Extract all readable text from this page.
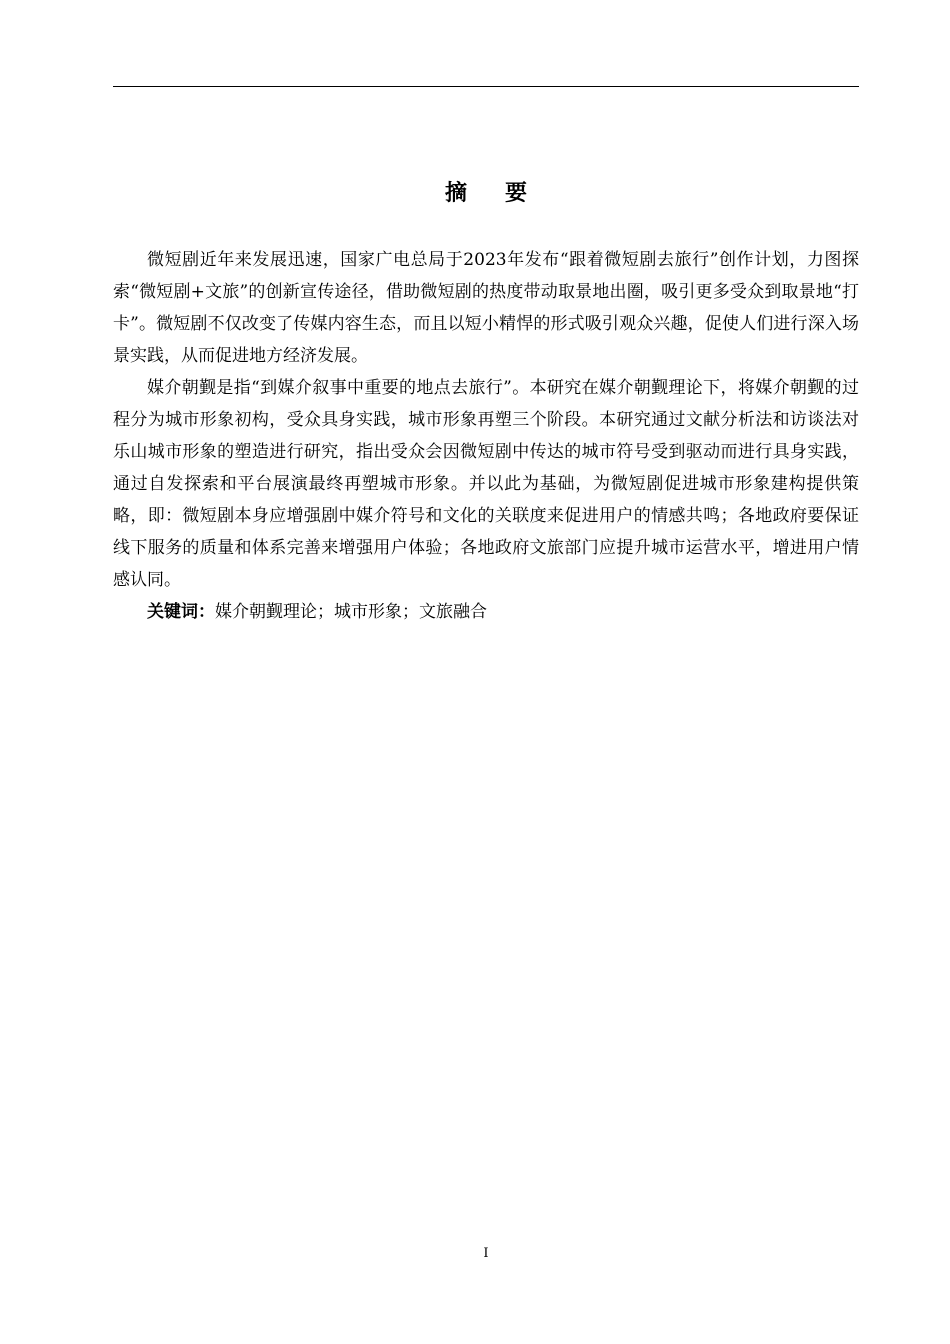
摘要

微短剧近年来发展迅速，国家广电总局于2023年发布“跟着微短剧去旅行”创作计划，力图探索“微短剧+文旅”的创新宣传途径，借助微短剧的热度带动取景地出圈，吸引更多受众到取景地“打卡”。微短剧不仅改变了传媒内容生态，而且以短小精悍的形式吸引观众兴趣，促使人们进行深入场景实践，从而促进地方经济发展。

媒介朝觐是指“到媒介叙事中重要的地点去旅行”。本研究在媒介朝觐理论下，将媒介朝觐的过程分为城市形象初构，受众具身实践，城市形象再塑三个阶段。本研究通过文献分析法和访谈法对乐山城市形象的塑造进行研究，指出受众会因微短剧中传达的城市符号受到驱动而进行具身实践，通过自发探索和平台展演最终再塑城市形象。并以此为基础，为微短剧促进城市形象建构提供策略，即：微短剧本身应增强剧中媒介符号和文化的关联度来促进用户的情感共鸣；各地政府要保证线下服务的质量和体系完善来增强用户体验；各地政府文旅部门应提升城市运营水平，增进用户情感认同。

关键词：媒介朝觐理论；城市形象；文旅融合

I
